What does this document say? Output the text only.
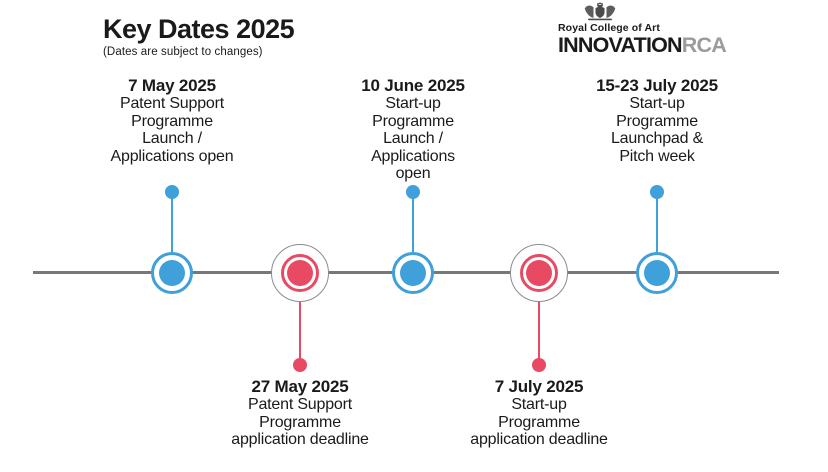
Key Dates 2025
(Dates are subject to changes)
Royal College of Art
INNOVATIONRCA
7 May 2025
Patent Support
Programme
Launch /
Applications open
27 May 2025
Patent Support
Programme
application deadline
10 June 2025
Start-up
Programme
Launch /
Applications
open
7 July 2025
Start-up
Programme
application deadline
15-23 July 2025
Start-up
Programme
Launchpad &
Pitch week
